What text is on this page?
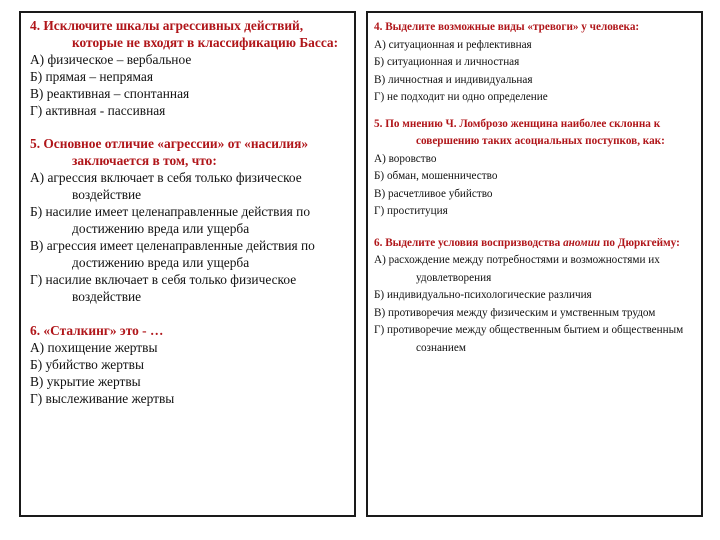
4. Исключите шкалы агрессивных действий, которые не входят в классификацию Басса:
А) физическое – вербальное
Б) прямая – непрямая
В) реактивная – спонтанная
Г) активная - пассивная
5. Основное отличие «агрессии» от «насилия» заключается в том, что:
А) агрессия включает в себя только физическое воздействие
Б) насилие имеет целенаправленные действия по достижению вреда или ущерба
В) агрессия имеет целенаправленные действия по достижению вреда или ущерба
Г) насилие включает в себя только физическое воздействие
6. «Сталкинг» это - …
А) похищение жертвы
Б) убийство жертвы
В) укрытие жертвы
Г) выслеживание жертвы
4. Выделите возможные виды «тревоги» у человека:
А) ситуационная и рефлективная
Б) ситуационная и личностная
В) личностная и индивидуальная
Г) не подходит ни одно определение
5. По мнению Ч. Ломброзо женщина наиболее склонна к совершению таких асоциальных поступков, как:
А) воровство
Б) обман, мошенничество
В) расчетливое убийство
Г) проституция
6. Выделите условия воспризводства аномии по Дюркгейму:
А) расхождение между потребностями и возможностями их удовлетворения
Б) индивидуально-психологические различия
В) противоречия между физическим и умственным трудом
Г) противоречие между общественным бытием и общественным сознанием
